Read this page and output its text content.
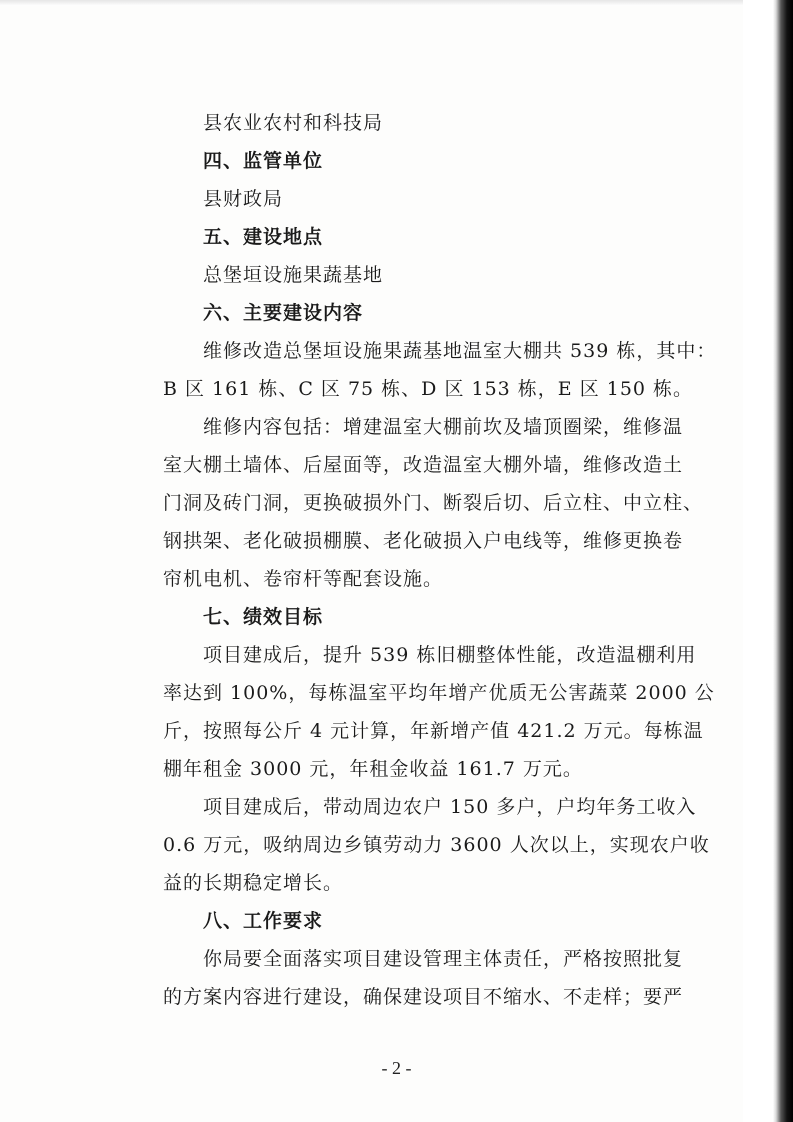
县农业农村和科技局
四、监管单位
县财政局
五、建设地点
总堡垣设施果蔬基地
六、主要建设内容
维修改造总堡垣设施果蔬基地温室大棚共 539 栋，其中：
B 区 161 栋、C 区 75 栋、D 区 153 栋，E 区 150 栋。
维修内容包括：增建温室大棚前坎及墙顶圈梁，维修温
室大棚土墙体、后屋面等，改造温室大棚外墙，维修改造土
门洞及砖门洞，更换破损外门、断裂后切、后立柱、中立柱、
钢拱架、老化破损棚膜、老化破损入户电线等，维修更换卷
帘机电机、卷帘杆等配套设施。
七、绩效目标
项目建成后，提升 539 栋旧棚整体性能，改造温棚利用
率达到 100%，每栋温室平均年增产优质无公害蔬菜 2000 公
斤，按照每公斤 4 元计算，年新增产值 421.2 万元。每栋温
棚年租金 3000 元，年租金收益 161.7 万元。
项目建成后，带动周边农户 150 多户，户均年务工收入
0.6 万元，吸纳周边乡镇劳动力 3600 人次以上，实现农户收
益的长期稳定增长。
八、工作要求
你局要全面落实项目建设管理主体责任，严格按照批复
的方案内容进行建设，确保建设项目不缩水、不走样；要严
- 2 -
